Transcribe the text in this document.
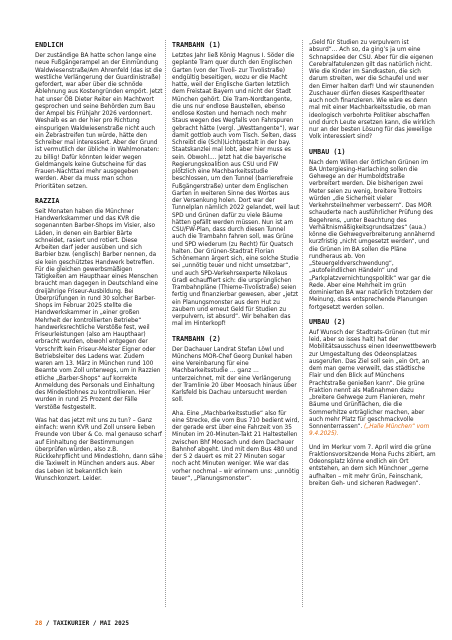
ENDLICH

Der zuständige BA hatte schon lange eine neue Fußgängerampel an der Einmündung Waldwiesenstraße/Am Ahrenfeld (das ist die westliche Verlängerung der Guardinistraße) gefordert, war aber über die schnöde Ablehnung aus Kostengründen empört. Jetzt hat unser ÖB Dieter Reiter ein Machtwort gesprochen und seine Behörden zum Bau der Ampel bis Frühjahr 2026 verdonnert. Weshalb es an der hier pro Richtung einspurigen Waldwiesenstraße nicht auch ein Zebrastreifen tun würde, hätte den Schreiber mal interessiert. Aber der Grund ist vermutlich der übliche in Wahlmonaten: zu billig! Dafür könnten leider wegen Geldmangels keine Gutscheine für das Frauen-Nachttaxi mehr ausgegeben werden. Aber da muss man schon Prioritäten setzen.

RAZZIA

Seit Monaten haben die Münchner Handwerkskammer und das KVR die sogenannten Barber-Shops im Visier, also Läden, in denen ein Barbier Bärte schneidet, rasiert und rotiert. Diese Arbeiten darf jeder ausüben und sich Barbier bzw. (englisch) Barber nennen, da sie kein geschütztes Handwerk betreffen. Für die gleichen gewerbsmäßigen Tätigkeiten am Haupthaar eines Menschen braucht man dagegen in Deutschland eine dreijährige Friseur-Ausbildung. Bei Überprüfungen in rund 30 solcher Barber-Shops im Februar 2025 stellte die Handwerkskammer in „einer großen Mehrheit der kontrollierten Betriebe“ handwerksrechtliche Verstöße fest, weil Friseurleistungen (also am Haupthaar) erbracht wurden, obwohl entgegen der Vorschrift kein Friseur-Meister Eigner oder Betriebsleiter des Ladens war. Zudem waren am 13. März in München rund 100 Beamte vom Zoll unterwegs, um in Razzien etliche „Barber-Shops“ auf korrekte Anmeldung des Personals und Einhaltung des Mindestlohnes zu kontrollieren. Hier wurden in rund 25 Prozent der Fälle Verstöße festgestellt.

Was hat das jetzt mit uns zu tun? – Ganz einfach: wenn KVR und Zoll unsere lieben Freunde von Uber & Co. mal genauso scharf auf Einhaltung der Bestimmungen überprüfen würden, also z.B. Rückkehrpflicht und Mindestlohn, dann sähe die Taxiwelt in München anders aus. Aber das Leben ist bekanntlich kein Wunschkonzert. Leider.

TRAMBAHN (1)

Letztes Jahr ließ König Magnus I. Söder die geplante Tram quer durch den Englischen Garten (von der Tivoli- zur Tivolistraße) endgültig beseitigen, wozu er die Macht hatte, weil der Englische Garten letztlich dem Freistaat Bayern und nicht der Stadt München gehört. Die Tram-Nordtangente, die uns nur endlose Baustellen, ebenso endlose Kosten und hernach noch mehr Staus wegen des Wegfalls von Fahrspuren gebracht hätte (vergl. „Westtangente“), war damit gottlob auch vom Tisch. Selten, dass Schreibt die (Schl)Lichtgestalt in der bay. Staatskanzlei mal lobt, aber hier muss es sein. Obwohl.... Jetzt hat die bayerische Regierungskoalition aus CSU und FW plötzlich eine Machbarkeitsstudie beschlossen, um den Tunnel (barrierefreie Fußgängerstraße) unter dem Englischen Garten in weiteren Sinne des Wortes aus der Versenkung holen. Dort war der Tunnelplan nämlich 2022 gelandet, weil laut SPD und Grünen dafür zu viele Bäume hätten gefällt werden müssen. Nun ist am CSU/FW-Plan, dass durch diesen Tunnel auch die Trambahn fahren soll, was Grüne und SPD wiederum (zu Recht) für Quatsch halten. Der Grünen-Stadtrat Florian Schönemann ärgert sich, eine solche Studie sei „unnötig teuer und nicht umsetzbar“, und auch SPD-Verkehrsexperte Nikolaus Gradl echauffiert sich: die ursprünglichen Trambahnpläne (Thieme-Tivolistraße) seien fertig und finanzierbar gewesen, aber „jetzt ein Planungsmonster aus dem Hut zu zaubern und erneut Geld für Studien zu verpulvern, ist absurd“. Wir behalten das mal im Hinterkopf!

TRAMBAHN (2)

Der Dachauer Landrat Stefan Löwl und Münchens MOR-Chef Georg Dunkel haben eine Vereinbarung für eine Machbarkeitsstudie … ganz … unterzeichnet, mit der eine Verlängerung der Tramlinie 20 über Moosach hinaus über Karlsfeld bis Dachau untersucht werden soll.

Aha. Eine „Machbarkeitsstudie“ also für eine Strecke, die vom Bus 710 bedient wird, der gerade erst über eine Fahrzeit von 35 Minuten im 20-Minuten-Takt 21 Haltestellen zwischen Bhf Moosach und dem Dachauer Bahnhof abgeht. Und mit dem Bus 480 und der S 2 dauert es mit 27 Minuten sogar noch acht Minuten weniger. Wie war das vorher nochmal – wir erinnern uns: „unnötig teuer“, „Planungsmonster“.

„Geld für Studien zu verpulvern ist absurd“… Ach so, da ging’s ja um eine Schnapsidee der CSU. Aber für die eigenen Cerebralfatulenzen gilt das natürlich nicht. Wie die Kinder im Sandkasten, die sich darum streiten, wer die Schaufel und wer den Eimer halten darf! Und wir staunenden Zuschauer dürfen dieses Kasperltheater auch noch finanzieren. Wie wäre es denn mal mit einer Machbarkeitsstudie, ob man ideologisch verbohrte Politiker abschaffen und durch Leute ersetzen kann, die wirklich nur an der besten Lösung für das jeweilige Volk interessiert sind?

UMBAU (1)

Nach dem Willen der örtlichen Grünen im BA Untergiesing-Harlaching sollen die Gehwege an der Humboldtstraße verbreitert werden. Die bisherigen zwei Meter seien zu wenig, breitere Trottoirs würden „die Sicherheit vieler Verkehrsteilnehmer verbessern“. Das MOR schauderte nach ausführlicher Prüfung des Begehrens, „unter Beachtung des Verhältnismäßigkeitsgrundsatzes“ (aua.) könne die Gehwegverbreiterung annähernd kurzfristig „nicht umgesetzt werden“, und die Grünen im BA sollen die Pläne rundheraus ab. Von „Steuergeldverschwendung“, „autofeindlichen Händeln“ und „Parkplatzvernichtungspolitik“ war gar die Rede. Aber eine Mehrheit im grün dominierten BA war natürlich trotzdem der Meinung, dass entsprechende Planungen fortgesetzt werden sollen.

UMBAU (2)

Auf Wunsch der Stadtrats-Grünen (tut mir leid, aber so isses halt) hat der Mobilitätsausschuss einen Ideenwettbewerb zur Umgestaltung des Odeonsplatzes ausgerufen. Das Ziel soll sein „ein Ort, an dem man gerne verweilt, das städtische Flair und den Blick auf Münchens Prachtstraße genießen kann“. Die grüne Fraktion nennt als Maßnahmen dazu „breitere Gehwege zum Flanieren, mehr Bäume und Grünflächen, die die Sommerhitze erträglicher machen, aber auch mehr Platz für geschmackvolle Sonnenterrassen“. („Halle München“ vom 9.4.2025).

Und im Merkur vom 7. April wird die grüne Fraktionsvorsitzende Mona Fuchs zitiert, am Odeonsplatz könne endlich ein Ort entstehen, an dem sich Münchner „gerne aufhalten – mit mehr Grün, Feinschank, breiten Geh- und sicheren Radwegen“.

28 / TAXIKURIER / MAI 2025
